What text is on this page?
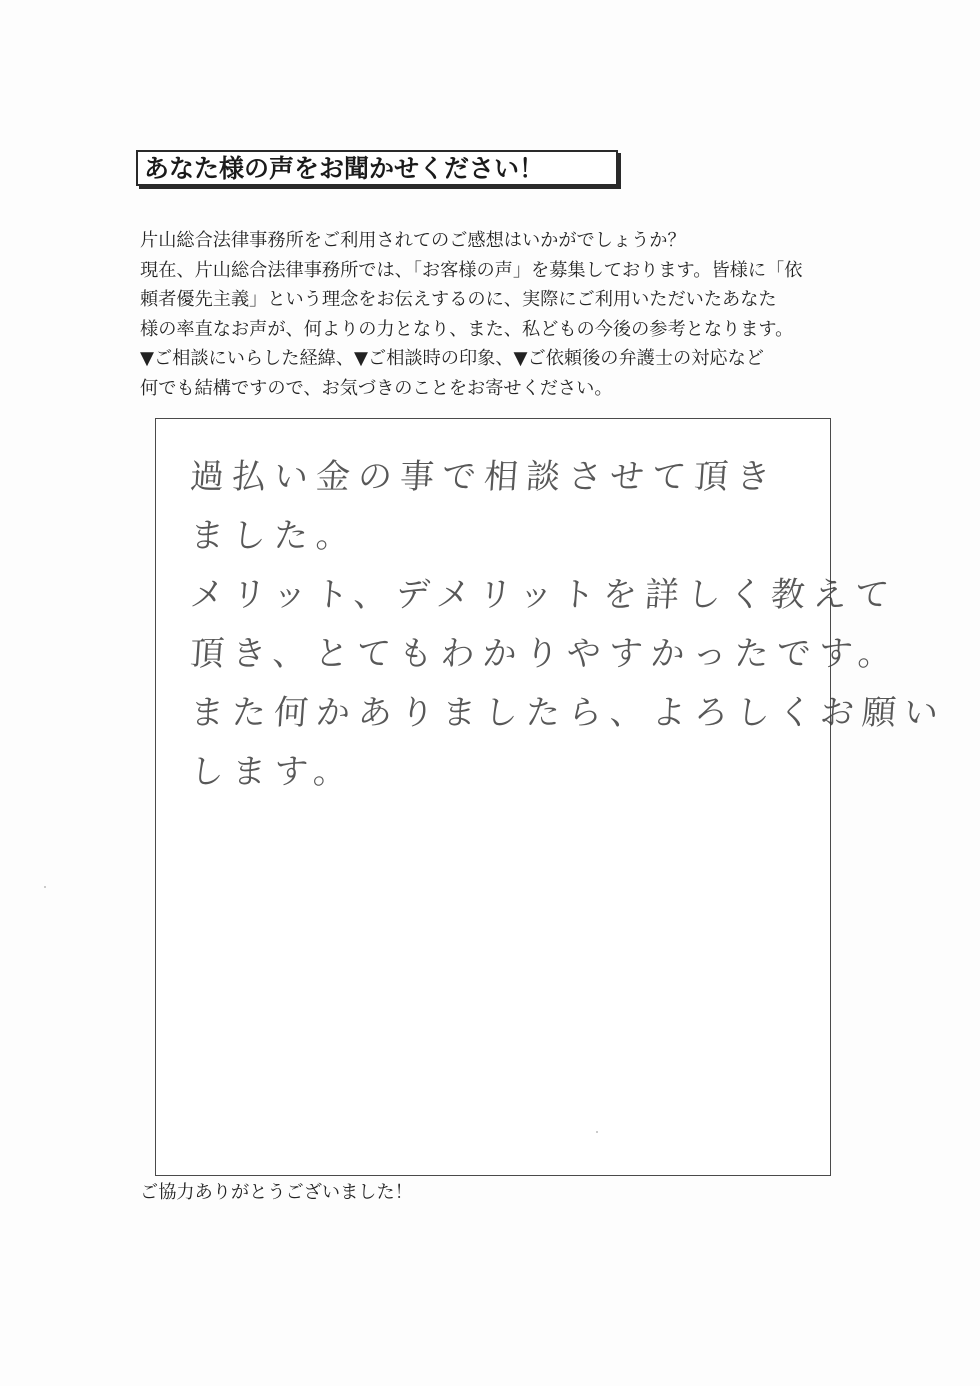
あなた様の声をお聞かせください！
片山総合法律事務所をご利用されてのご感想はいかがでしょうか？
現在、片山総合法律事務所では、「お客様の声」を募集しております。皆様に「依
頼者優先主義」という理念をお伝えするのに、実際にご利用いただいたあなた
様の率直なお声が、何よりの力となり、また、私どもの今後の参考となります。
▼ご相談にいらした経緯、▼ご相談時の印象、▼ご依頼後の弁護士の対応など
何でも結構ですので、お気づきのことをお寄せください。
過払い金の事で相談させて頂き
ました。
メリット、デメリットを詳しく教えて
頂き、とてもわかりやすかったです。
また何かありましたら、よろしくお願い
します。
ご協力ありがとうございました！
